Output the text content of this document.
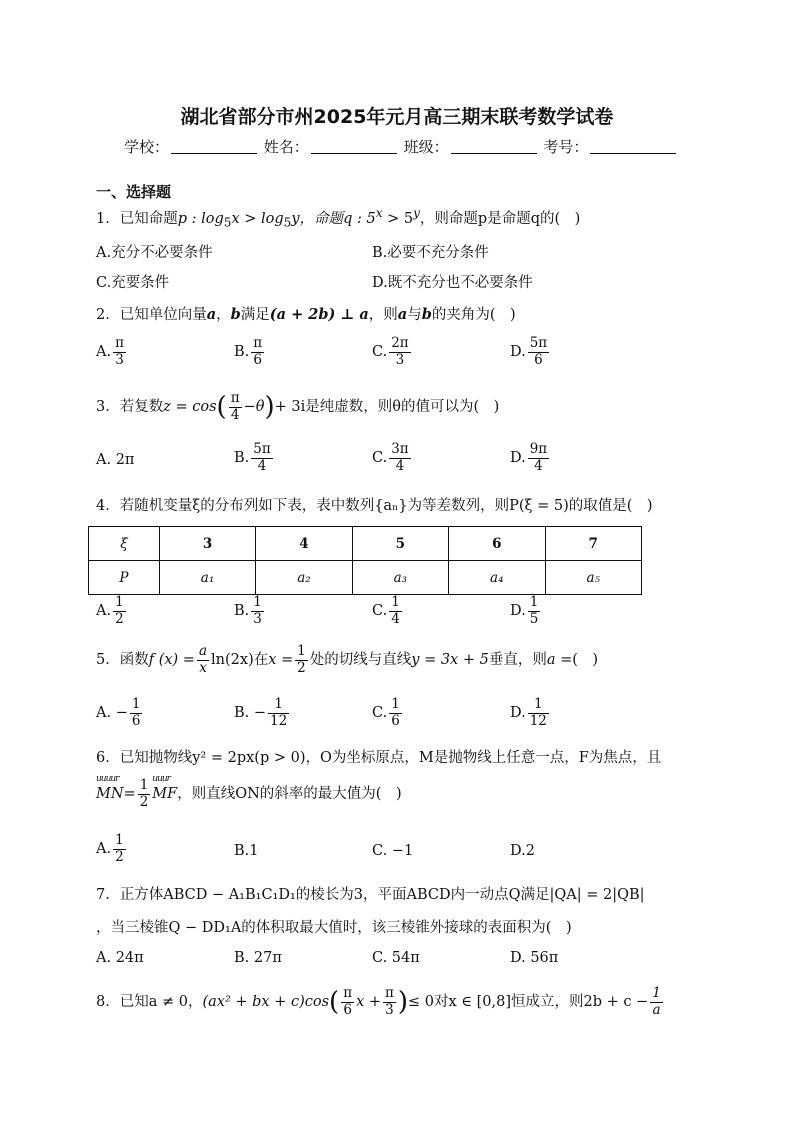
湖北省部分市州2025年元月高三期末联考数学试卷
学校：	姓名：	班级：	考号：
一、选择题
1．已知命题p : $\log_5x > \log_5y$，命题q : $5^x > 5^y$，则命题p是命题q的(　)
A.充分不必要条件	B.必要不充分条件
C.充要条件	D.既不充分也不必要条件
2．已知单位向量a，b满足(a + 2b) ⊥ a，则a与b的夹角为(　)
A. $\frac{\pi}{3}$	B. $\frac{\pi}{6}$	C. $\frac{2\pi}{3}$	D. $\frac{5\pi}{6}$
3．若复数$z = \cos( \frac{\pi}{4} -\theta)+ 3i$是纯虚数，则θ的值可以为(　)
A. 2π	B. $\frac{5\pi}{4}$	C. $\frac{3\pi}{4}$	D. $\frac{9\pi}{4}$
4．若随机变量ξ的分布列如下表，表中数列{aₙ}为等差数列，则P(ξ = 5)的取值是(　)
ξ	3	4	5	6	7
P	a₁	a₂	a₃	a₄	a₅
A. $\frac{1}{2}$	B. $\frac{1}{3}$	C. $\frac{1}{4}$	D. $\frac{1}{5}$
5．函数f $(x) = \frac{a}{x} \ln(2x)$在$x = \frac{1}{2}$ 处的切线与直线y = 3x + 5垂直，则a =(　)
A. − $\frac{1}{6}$	B. − $\frac{1}{12}$	C. $\frac{1}{6}$	D. $\frac{1}{12}$
6．已知抛物线y² = 2px(p > 0)，O为坐标原点，M是抛物线上任意一点，F为焦点，且
uuuur
$MN= \frac{1}{2}$ uuur
MF，则直线ON的斜率的最大值为(　)
A. $\frac{1}{2}$	B.1	C. −1	D.2
7．正方体ABCD − A₁B₁C₁D₁的棱长为3，平面ABCD内一动点Q满足|QA| = 2|QB|
，当三棱锥Q − DD₁A的体积取最大值时，该三棱锥外接球的表面积为(　)
A. 24π	B. 27π	C. 54π	D. 56π
8．已知a ≠ 0，(ax² + bx + $c)\cos( \frac{\pi}{6}$ $x + \frac{\pi}{3}$ )≤ 0对x ∈ [0,8]恒成立，则$2b + c - \frac{1}{a}$
